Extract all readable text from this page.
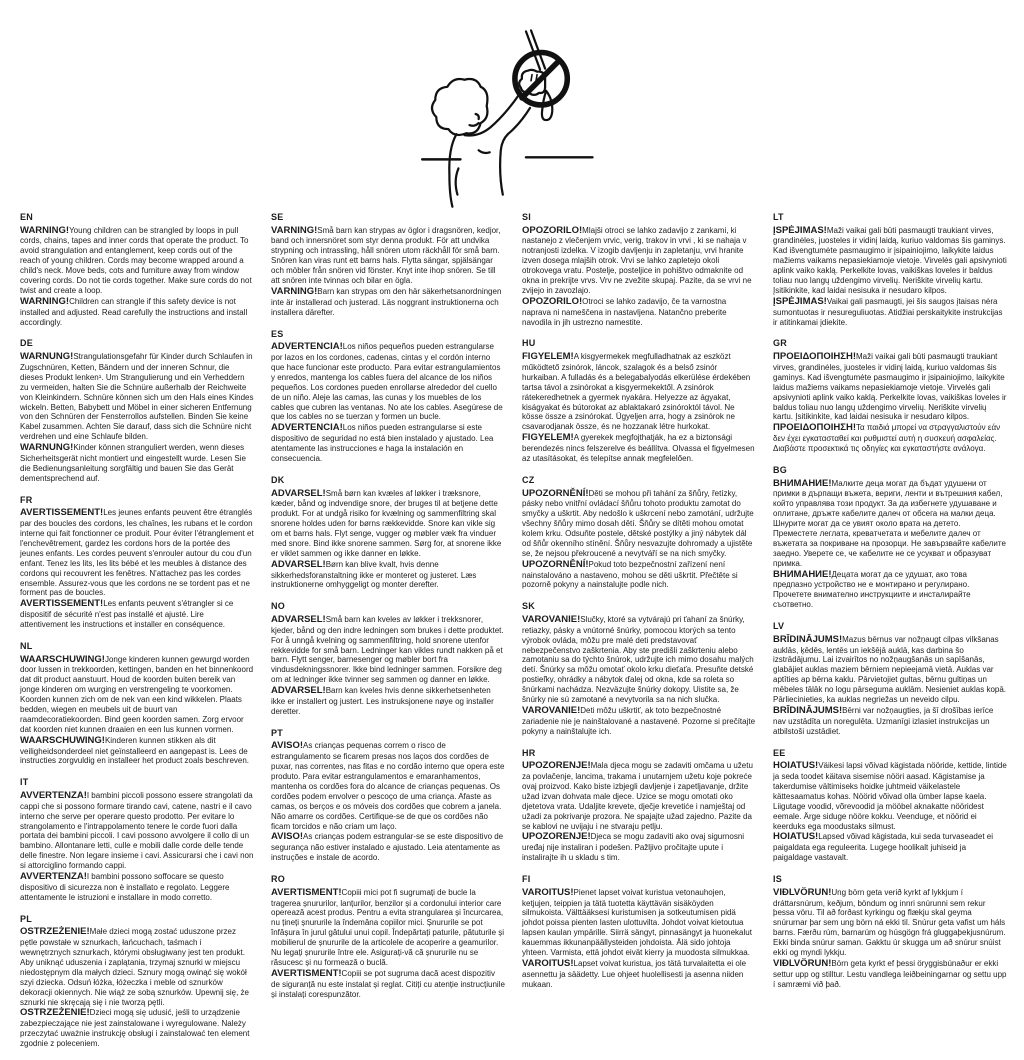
EN

WARNING!Young children can be strangled by loops in pull cords, chains, tapes and inner cords that operate the product. To avoid strangulation and entanglement, keep cords out of the reach of young children. Cords may become wrapped around a child's neck. Move beds, cots and furniture away from window covering cords. Do not tie cords together. Make sure cords do not twist and create a loop.

WARNING!Children can strangle if this safety device is not installed and adjusted. Read carefully the instructions and install accordingly.

DE

WARNUNG!Strangulationsgefahr für Kinder durch Schlaufen in Zugschnüren, Ketten, Bändern und der inneren Schnur, die dieses Produkt lenken¹. Um Strangulierung und ein Verheddern zu vermeiden, halten Sie die Schnüre außerhalb der Reichweite von Kleinkindern. Schnüre können sich um den Hals eines Kindes wickeln. Betten, Babybett und Möbel in einer sicheren Entfernung von den Schnüren der Fensterrollos aufstellen. Binden Sie keine Kabel zusammen. Achten Sie darauf, dass sich die Schnüre nicht verdrehen und eine Schlaufe bilden.

WARNUNG!Kinder können stranguliert werden, wenn dieses Sicherheitsgerät nicht montiert und eingestellt wurde. Lesen Sie die Bedienungsanleitung sorgfältig und bauen Sie das Gerät dementsprechend auf.

FR

AVERTISSEMENT!Les jeunes enfants peuvent être étranglés par des boucles des cordons, les chaînes, les rubans et le cordon interne qui fait fonctionner ce produit. Pour éviter l'étranglement et l'enchevêtrement, gardez les cordons hors de la portée des jeunes enfants. Les cordes peuvent s'enrouler autour du cou d'un enfant. Tenez les lits, les lits bébé et les meubles à distance des cordons qui recouvrent les fenêtres. N'attachez pas les cordes ensemble. Assurez-vous que les cordons ne se tordent pas et ne forment pas de boucles.

AVERTISSEMENT!Les enfants peuvent s'étrangler si ce dispositif de sécurité n'est pas installé et ajusté. Lire attentivement les instructions et installer en conséquence.

NL

WAARSCHUWING!Jonge kinderen kunnen gewurgd worden door lussen in trekkoorden, kettingen, banden en het binnenkoord dat dit product aanstuurt. Houd de koorden buiten bereik van jonge kinderen om wurging en verstrengeling te voorkomen. Koorden kunnen zich om de nek van een kind wikkelen. Plaats bedden, wiegen en meubels uit de buurt van raamdecoratiekoorden. Bind geen koorden samen. Zorg ervoor dat koorden niet kunnen draaien en een lus kunnen vormen.

WAARSCHUWING!Kinderen kunnen stikken als dit veiligheidsonderdeel niet geïnstalleerd en aangepast is. Lees de instructies zorgvuldig en installeer het product zoals beschreven.

IT

AVVERTENZA!I bambini piccoli possono essere strangolati da cappi che si possono formare tirando cavi, catene, nastri e il cavo interno che serve per operare questo prodotto. Per evitare lo strangolamento e l'intrappolamento tenere le corde fuori dalla portata dei bambini piccoli. I cavi possono avvolgere il collo di un bambino. Allontanare letti, culle e mobili dalle corde delle tende delle finestre. Non legare insieme i cavi. Assicurarsi che i cavi non si attorciglino formando cappi.

AVVERTENZA!I bambini possono soffocare se questo dispositivo di sicurezza non è installato e regolato. Leggere attentamente le istruzioni e installare in modo corretto.

PL

OSTRZEŻENIE!Małe dzieci mogą zostać uduszone przez pętle powstałe w sznurkach, łańcuchach, taśmach i wewnętrznych sznurkach, którymi obsługiwany jest ten produkt. Aby uniknąć uduszenia i zaplątania, trzymaj sznurki w miejscu niedostępnym dla małych dzieci. Sznury mogą owinąć się wokół szyi dziecka. Odsuń łóżka, łóżeczka i meble od sznurków dekoracji okiennych. Nie wiąż ze sobą sznurków. Upewnij się, że sznurki nie skręcają się i nie tworzą pętli.

OSTRZEŻENIE!Dzieci mogą się udusić, jeśli to urządzenie zabezpieczające nie jest zainstalowane i wyregulowane. Należy przeczytać uważnie instrukcję obsługi i zainstalować ten element zgodnie z poleceniem.

SE

VARNING!Små barn kan strypas av öglor i dragsnören, kedjor, band och innersnöret som styr denna produkt. För att undvika strypning och intrassling, håll snören utom räckhåll för små barn. Snören kan viras runt ett barns hals. Flytta sängar, spjälsängar och möbler från snören vid fönster. Knyt inte ihop snören. Se till att snören inte tvinnas och bilar en ögla.

VARNING!Barn kan strypas om den här säkerhetsanordningen inte är installerad och justerad. Läs noggrant instruktionerna och installera därefter.

ES

ADVERTENCIA!Los niños pequeños pueden estrangularse por lazos en los cordones, cadenas, cintas y el cordón interno que hace funcionar este producto. Para evitar estrangulamientos y enredos, mantenga los cables fuera del alcance de los niños pequeños. Los cordones pueden enrollarse alrededor del cuello de un niño. Aleje las camas, las cunas y los muebles de los cables que cubren las ventanas. No ate los cables. Asegúrese de que los cables no se tuerzan y formen un bucle.

ADVERTENCIA!Los niños pueden estrangularse si este dispositivo de seguridad no está bien instalado y ajustado. Lea atentamente las instrucciones e haga la instalación en consecuencia.

DK

ADVARSEL!Små børn kan kvæles af løkker i træksnore, kæder, bånd og indvendige snore, der bruges til at betjene dette produkt. For at undgå risiko for kvælning og sammenfiltring skal snorene holdes uden for børns rækkevidde. Snore kan vikle sig om et barns hals. Flyt senge, vugger og møbler væk fra vinduer med snore. Bind ikke snorene sammen. Sørg for, at snorene ikke er viklet sammen og ikke danner en løkke.

ADVARSEL!Børn kan blive kvalt, hvis denne sikkerhedsforanstaltning ikke er monteret og justeret. Læs instruktionerne omhyggeligt og monter derefter.

NO

ADVARSEL!Små barn kan kveles av løkker i trekksnorer, kjeder, bånd og den indre ledningen som brukes i dette produktet. For å unngå kvelning og sammenfiltring, hold snorene utenfor rekkevidde for små barn. Ledninger kan vikles rundt nakken på et barn. Flytt senger, barnesenger og møbler bort fra vindusdekningssnorer. Ikke bind ledninger sammen. Forsikre deg om at ledninger ikke tvinner seg sammen og danner en løkke.

ADVARSEL!Barn kan kveles hvis denne sikkerhetsenheten ikke er installert og justert. Les instruksjonene nøye og installer deretter.

PT

AVISO!As crianças pequenas correm o risco de estrangulamento se ficarem presas nos laços dos cordões de puxar, nas correntes, nas fitas e no cordão interno que opera este produto. Para evitar estrangulamentos e emaranhamentos, mantenha os cordões fora do alcance de crianças pequenas. Os cordões podem envolver o pescoço de uma criança. Afaste as camas, os berços e os móveis dos cordões que cobrem a janela. Não amarre os cordões. Certifique-se de que os cordões não ficam torcidos e não criam um laço.

AVISO!As crianças podem estrangular-se se este dispositivo de segurança não estiver instalado e ajustado. Leia atentamente as instruções e instale de acordo.

RO

AVERTISMENT!Copiii mici pot fi sugrumați de bucle la tragerea șnururilor, lanțurilor, benzilor și a cordonului interior care operează acest produs. Pentru a evita strangularea și încurcarea, nu țineți șnururile la îndemâna copiilor mici. Șnururile se pot înfășura în jurul gâtului unui copil. Îndepărtați paturile, pătuturile și mobilierul de șnururile de la articolele de acoperire a geamurilor. Nu legați șnururile între ele. Asigurați-vă că șnururile nu se răsucesc și nu formează o buclă.

AVERTISMENT!Copiii se pot sugruma dacă acest dispozitiv de siguranță nu este instalat și reglat. Citiți cu atenție instrucțiunile și instalați corespunzător.

SI

OPOZORILO!Mlajši otroci se lahko zadavijo z zankami, ki nastanejo z vlečenjem vrvic, verig, trakov in vrvi , ki se nahaja v notranjosti izdelka. V izogib davljenju in zapletanju, vrvi hranite izven dosega mlajših otrok. Vrvi se lahko zapletejo okoli otrokovega vratu. Postelje, posteljice in pohištvo odmaknite od okna in prekrijte vrvs. Vrv ne zvežite skupaj. Pazite, da se vrvi ne zvijejo in zavozlajo.

OPOZORILO!Otroci se lahko zadavijo, če ta varnostna naprava ni nameščena in nastavljena. Natančno preberite navodila in jih ustrezno namestite.

HU

FIGYELEM!A kisgyermekek megfulladhatnak az eszközt működtető zsinórok, láncok, szalagok és a belső zsinór hurkaiban. A fulladás és a belegabalyodás elkerülése érdekében tartsa távol a zsinórokat a kisgyermekektől. A zsinórok rátekeredhetnek a gyermek nyakára. Helyezze az ágyakat, kiságyakat és bútorokat az ablaktakaró zsinóroktól távol. Ne kösse össze a zsinórokat. Ügyeljen arra, hogy a zsinórok ne csavarodjanak össze, és ne hozzanak létre hurkokat.

FIGYELEM!A gyerekek megfojthatják, ha ez a biztonsági berendezés nincs felszerelve és beállítva. Olvassa el figyelmesen az utasításokat, és telepítse annak megfelelően.

CZ

UPOZORNĚNÍ!Děti se mohou při tahání za šňůry, řetízky, pásky nebo vnitřní ovládací šňůru tohoto produktu zamotat do smyčky a uškrtit. Aby nedošlo k uškrcení nebo zamotání, udržujte všechny šňůry mimo dosah dětí. Šňůry se dítěti mohou omotat kolem krku. Odsuňte postele, dětské postýlky a jiný nábytek dál od šňůr okenního stínění. Šňůry nesvazujte dohromady a ujistěte se, že nejsou překroucené a nevytváří se na nich smyčky.

UPOZORNĚNÍ!Pokud toto bezpečnostní zařízení není nainstalováno a nastaveno, mohou se děti uškrtit. Přečtěte si pozorně pokyny a nainstalujte podle nich.

SK

VAROVANIE!Slučky, ktoré sa vytvárajú pri ťahaní za šnúrky, retiazky, pásky a vnútorné šnúrky, pomocou ktorých sa tento výrobok ovláda, môžu pre malé deti predstavovať nebezpečenstvo zaškrtenia. Aby ste predišli zaškrteniu alebo zamotaniu sa do týchto šnúrok, udržujte ich mimo dosahu malých detí. Šnúrky sa môžu omotať okolo krku dieťaťa. Presuňte detské postieľky, ohrádky a nábytok ďalej od okna, kde sa roleta so šnúrkami nachádza. Nezväzujte šnúrky dokopy. Uistite sa, že šnúrky nie sú zamotané a nevytvorila sa na nich slučka.

VAROVANIE!Deti môžu uškrtiť, ak toto bezpečnostné zariadenie nie je nainštalované a nastavené. Pozorne si prečítajte pokyny a nainštalujte ich.

HR

UPOZORENJE!Mala djeca mogu se zadaviti omčama u užetu za povlačenje, lancima, trakama i unutarnjem užetu koje pokreće ovaj proizvod. Kako biste izbjegli davljenje i zapetljavanje, držite užad izvan dohvata male djece. Uzice se mogu omotati oko djetetova vrata. Udaljite krevete, dječje krevetiće i namještaj od užadi za pokrivanje prozora. Ne spajajte užad zajedno. Pazite da se kablovi ne uvijaju i ne stvaraju petlju.

UPOZORENJE!Djeca se mogu zadaviti ako ovaj sigurnosni uređaj nije instaliran i podešen. Pažljivo pročitajte upute i instalirajte ih u skladu s tim.

FI

VAROITUS!Pienet lapset voivat kuristua vetonauhojen, ketjujen, teippien ja tätä tuotetta käyttävän sisäköyden silmukoista. Välttääksesi kuristumisen ja sotkeutumisen pidä johdot poissa pienten lasten ulottuvilta. Johdot voivat kietoutua lapsen kaulan ympärille. Siirrä sängyt, pinnasängyt ja huonekalut kauemmas ikkunanpäällysteiden johdoista. Älä sido johtoja yhteen. Varmista, että johdot eivät kierry ja muodosta silmukkaa.

VAROITUS!Lapset voivat kuristua, jos tätä turvalaitetta ei ole asennettu ja säädetty. Lue ohjeet huolellisesti ja asenna niiden mukaan.

LT

ĮSPĖJIMAS!Maži vaikai gali būti pasmaugti traukiant virves, grandinėles, juosteles ir vidinį laidą, kuriuo valdomas šis gaminys. Kad išvengtumėte pasmaugimo ir įsipainiojimo, laikykite laidus mažiems vaikams nepasiekiamoje vietoje. Virvelės gali apsivynioti aplink vaiko kaklą. Perkelkite lovas, vaikiškas loveles ir baldus toliau nuo langų uždengimo virvelių. Neriškite virvelių kartu. Įsitikinkite, kad laidai nesisuka ir nesudaro kilpos.

ĮSPĖJIMAS!Vaikai gali pasmaugti, jei šis saugos įtaisas nėra sumontuotas ir nesureguliuotas. Atidžiai perskaitykite instrukcijas ir atitinkamai įdiekite.

GR

ΠΡΟΕΙΔΟΠΟΙΗΣΗ!Maži vaikai gali būti pasmaugti traukiant virves, grandinėles, juosteles ir vidinį laidą, kuriuo valdomas šis gaminys. Kad išvengtumėte pasmaugimo ir įsipainiojimo, laikykite laidus mažiems vaikams nepasiekiamoje vietoje. Virvelės gali apsivynioti aplink vaiko kaklą. Perkelkite lovas, vaikiškas loveles ir baldus toliau nuo langų uždengimo virvelių. Neriškite virvelių kartu. Įsitikinkite, kad laidai nesisuka ir nesudaro kilpos.

ΠΡΟΕΙΔΟΠΟΙΗΣΗ!Τα παιδιά μπορεί να στραγγαλιστούν εάν δεν έχει εγκατασταθεί και ρυθμιστεί αυτή η συσκευή ασφαλείας. Διαβάστε προσεκτικά τις οδηγίες και εγκαταστήστε ανάλογα.

BG

ВНИМАНИЕ!Малките деца могат да бъдат удушени от примки в дърпащи въжета, вериги, ленти и вътрешния кабел, който управлява този продукт. За да избегнете удушаване и оплитане, дръжте кабелите далеч от обсега на малки деца. Шнурите могат да се увият около врата на детето. Преместете леглата, креватчетата и мебелите далеч от въжетата за покриване на прозорци. Не завързвайте кабелите заедно. Уверете се, че кабелите не се усукват и образуват примка.

ВНИМАНИЕ!Децата могат да се удушат, ако това предпазно устройство не е монтирано и регулирано. Прочетете внимателно инструкциите и инсталирайте съответно.

LV

BRĪDINĀJUMS!Mazus bērnus var nožņaugt cilpas vilkšanas auklās, ķēdēs, lentēs un iekšējā auklā, kas darbina šo izstrādājumu. Lai izvairītos no nožņaugšanās un sapīšanās, glabājiet auklas maziem bērniem nepieejamā vietā. Auklas var aptīties ap bērna kaklu. Pārvietojiet gultas, bērnu gultiņas un mēbeles tālāk no logu pārseguma auklām. Nesieniet auklas kopā. Pārliecinieties, ka auklas negriežas un neveido cilpu.

BRĪDINĀJUMS!Bērni var nožņaugties, ja šī drošības ierīce nav uzstādīta un noregulēta. Uzmanīgi izlasiet instrukcijas un atbilstoši uzstādiet.

EE

HOIATUS!Väikesi lapsi võivad kägistada nööride, kettide, lintide ja seda toodet käitava sisemise nööri aasad. Kägistamise ja takerdumise vältimiseks hoidke juhtmeid väikelastele kättesaamatus kohas. Nöörid võivad olla ümber lapse kaela. Liigutage voodid, võrevoodid ja mööbel aknakatte nööridest eemale. Ärge siduge nööre kokku. Veenduge, et nöörid ei keerduks ega moodustaks silmust.

HOIATUS!Lapsed võivad kägistada, kui seda turvaseadet ei paigaldata ega reguleerita. Lugege hoolikalt juhiseid ja paigaldage vastavalt.

IS

VIÐLVÖRUN!Ung börn geta verið kyrkt af lykkjum í dráttarsnúrum, keðjum, böndum og innri snúrunni sem rekur þessa vöru. Til að forðast kyrkingu og flækju skal geyma snúrurnar þar sem ung börn ná ekki til. Snúrur geta vafist um háls barns. Færðu rúm, barnarúm og húsgögn frá gluggaþekjusnúrum. Ekki binda snúrur saman. Gakktu úr skugga um að snúrur snúist ekki og myndi lykkju.

VIÐLVÖRUN!Börn geta kyrkt ef þessi öryggisbúnaður er ekki settur upp og stilltur. Lestu vandlega leiðbeiningarnar og settu upp í samræmi við það.
